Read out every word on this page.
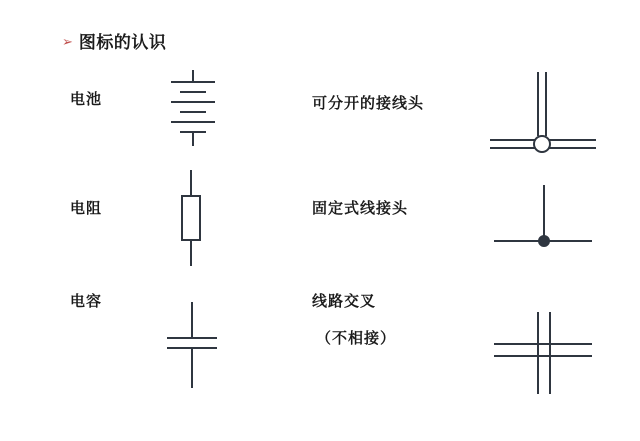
➢ 图标的认识
电池	可分开的接线头
电阻	固定式线接头
电容	线路交叉
（不相接）
